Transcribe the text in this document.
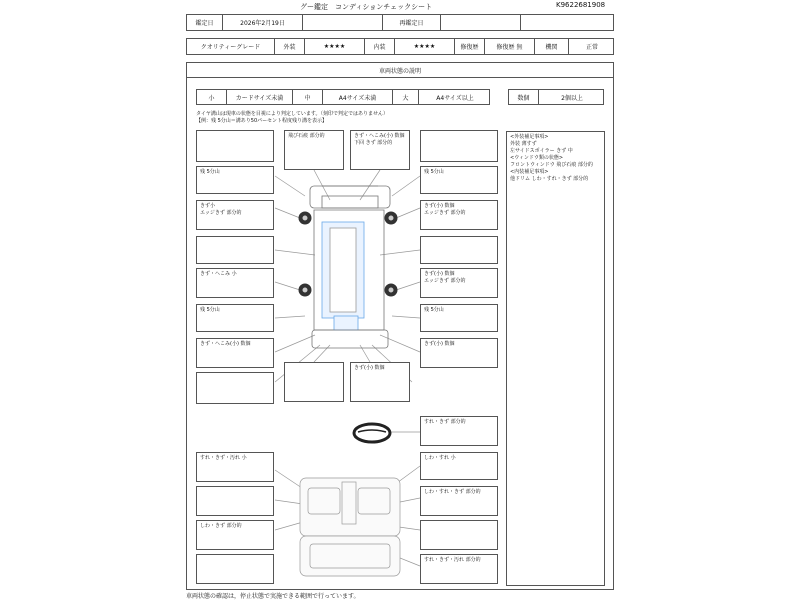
グー鑑定　コンディションチェックシート	K9622681908
鑑定日	2026年2月19日	再鑑定日
クオリティーグレード	外装	★★★★	内装	★★★★	修復歴	修復歴 無	機関	正常
車両状態の説明
小	カードサイズ未満	中	A4サイズ未満	大	A4サイズ以上	数個	2個以上
タイヤ溝山は現車の状態を目視により判定しています。（刻印で判定ではありません）
【例：残 5分山＝溝あり50パーセント程度残り溝を表示】
<外装補足事項>
外装 薄すず
左サイドスポイラー きず 中
<ウィンドウ類の状態>
フロントウィンドウ 飛び石痕 部分的
<内装補足事項>
他ドリム しわ・すれ・きず 部分的
飛び石痕 部分的	きず・へこみ(小) 数個
下回 きず 部分的
残 5分山	残 5分山
きず小
エッジきず 部分的
きず(小) 数個
エッジきず 部分的
きず・へこみ 小	きず(小) 数個
エッジきず 部分的
残 5分山	残 5分山
きず・へこみ(小) 数個	きず(小) 数個
きず(小) 数個
すれ・きず 部分的
すれ・きず・汚れ 小	しわ・すれ 小
しわ・すれ・きず 部分的
しわ・きず 部分的
すれ・きず・汚れ 部分的
車両状態の確認は，停止状態で実施できる範囲で行っています。
